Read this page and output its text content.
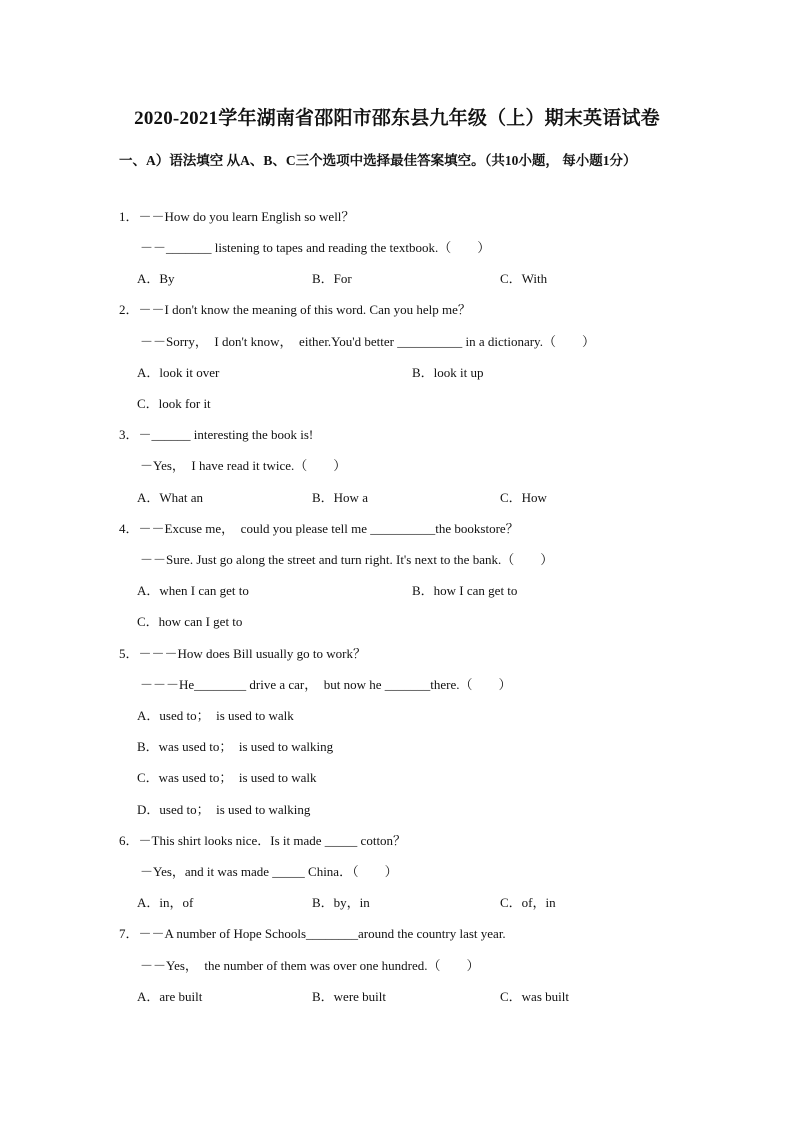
2020-2021学年湖南省邵阳市邵东县九年级（上）期末英语试卷
一、A）语法填空 从A、B、C三个选项中选择最佳答案填空。（共10小题， 每小题1分）
1．－－How do you learn English so well？
－－_______ listening to tapes and reading the textbook.（　　）
A．By	B．For	C．With
2．－－I don't know the meaning of this word. Can you help me？
－－Sorry，　I don't know，　either.You'd better __________ in a dictionary.（　　）
A．look it over	B．look it up
C．look for it
3．－______ interesting the book is!
－Yes，　I have read it twice.（　　）
A．What an	B．How a	C．How
4．－－Excuse me，　could you please tell me __________the bookstore？
－－Sure. Just go along the street and turn right. It's next to the bank.（　　）
A．when I can get to	B．how I can get to
C．how can I get to
5．－－－How does Bill usually go to work？
－－－He________ drive a car，　but now he _______there.（　　）
A．used to；　is used to walk
B．was used to；　is used to walking
C．was used to；　is used to walk
D．used to；　is used to walking
6．－This shirt looks nice．Is it made _____ cotton？
－Yes，and it was made _____ China．（　　）
A．in，of	B．by，in	C．of，in
7．－－A number of Hope Schools________around the country last year.
－－Yes，　the number of them was over one hundred.（　　）
A．are built	B．were built	C．was built
